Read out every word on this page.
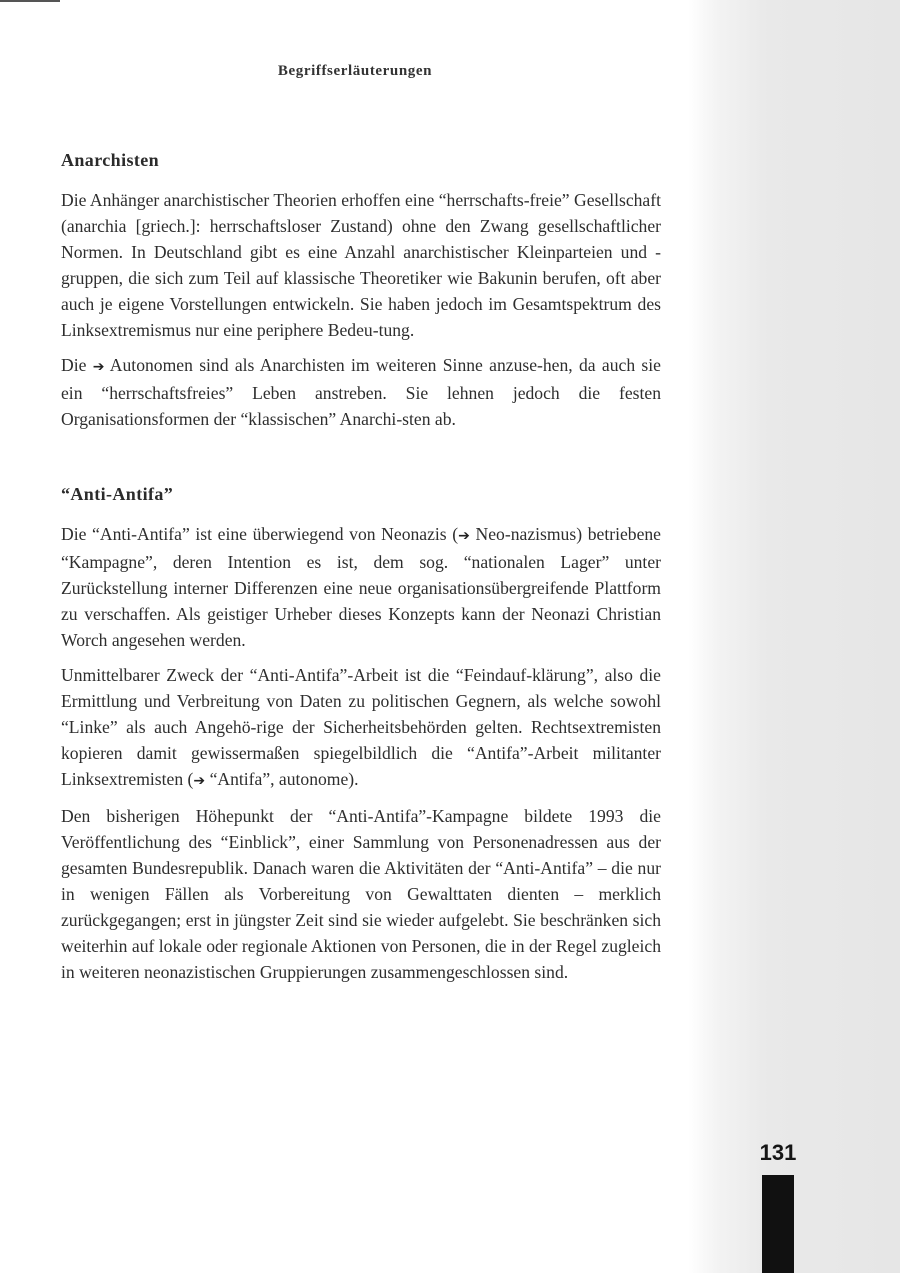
Begriffserläuterungen
Anarchisten

Die Anhänger anarchistischer Theorien erhoffen eine “herrschafts-freie” Gesellschaft (anarchia [griech.]: herrschaftsloser Zustand) ohne den Zwang gesellschaftlicher Normen. In Deutschland gibt es eine Anzahl anarchistischer Kleinparteien und -gruppen, die sich zum Teil auf klassische Theoretiker wie Bakunin berufen, oft aber auch je eigene Vorstellungen entwickeln. Sie haben jedoch im Gesamtspektrum des Linksextremismus nur eine periphere Bedeu-tung.

Die ➔ Autonomen sind als Anarchisten im weiteren Sinne anzuse-hen, da auch sie ein “herrschaftsfreies” Leben anstreben. Sie lehnen jedoch die festen Organisationsformen der “klassischen” Anarchi-sten ab.

“Anti-Antifa”

Die “Anti-Antifa” ist eine überwiegend von Neonazis (➔ Neo-nazismus) betriebene “Kampagne”, deren Intention es ist, dem sog. “nationalen Lager” unter Zurückstellung interner Differenzen eine neue organisationsübergreifende Plattform zu verschaffen. Als geistiger Urheber dieses Konzepts kann der Neonazi Christian Worch angesehen werden.

Unmittelbarer Zweck der “Anti-Antifa”-Arbeit ist die “Feindauf-klärung”, also die Ermittlung und Verbreitung von Daten zu politischen Gegnern, als welche sowohl “Linke” als auch Angehö-rige der Sicherheitsbehörden gelten. Rechtsextremisten kopieren damit gewissermaßen spiegelbildlich die “Antifa”-Arbeit militanter Linksextremisten (➔ “Antifa”, autonome).

Den bisherigen Höhepunkt der “Anti-Antifa”-Kampagne bildete 1993 die Veröffentlichung des “Einblick”, einer Sammlung von Personenadressen aus der gesamten Bundesrepublik. Danach waren die Aktivitäten der “Anti-Antifa” – die nur in wenigen Fällen als Vorbereitung von Gewalttaten dienten – merklich zurückgegangen; erst in jüngster Zeit sind sie wieder aufgelebt. Sie beschränken sich weiterhin auf lokale oder regionale Aktionen von Personen, die in der Regel zugleich in weiteren neonazistischen Gruppierungen zusammengeschlossen sind.

131
